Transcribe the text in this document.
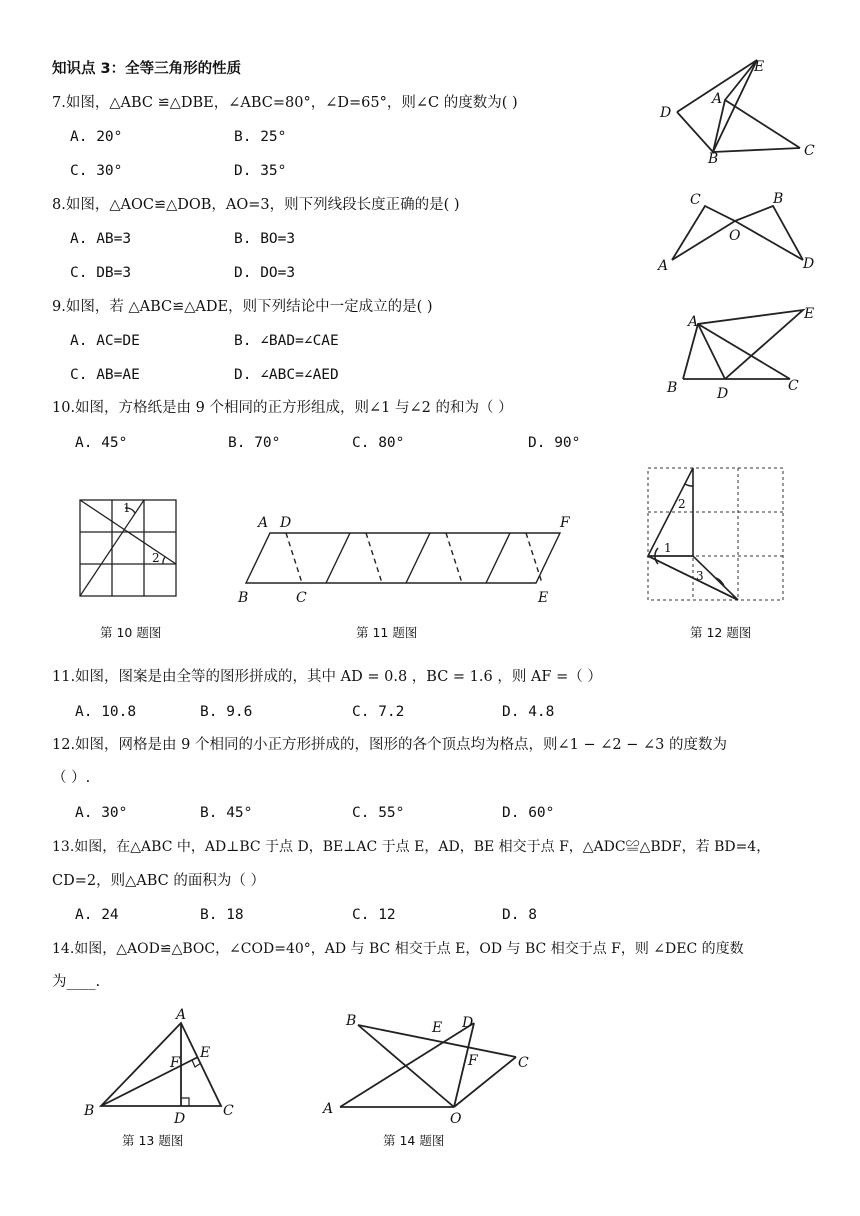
知识点 3：全等三角形的性质
7.如图，△ABC ≌△DBE，∠ABC=80°，∠D=65°，则∠C 的度数为( )
A. 20°	B. 25°
C. 30°	D. 35°
8.如图，△AOC≌△DOB，AO=3，则下列线段长度正确的是( )
A. AB=3	B. BO=3
C. DB=3	D. DO=3
9.如图，若 △ABC≌△ADE，则下列结论中一定成立的是( )
A. AC=DE	B. ∠BAD=∠CAE
C. AB=AE	D. ∠ABC=∠AED
10.如图，方格纸是由 9 个相同的正方形组成，则∠1 与∠2 的和为（ ）
A. 45°	B. 70°	C. 80°	D. 90°
11.如图，图案是由全等的图形拼成的，其中 AD = 0.8 ，BC = 1.6 ，则 AF =（ ）
A. 10.8	B. 9.6	C. 7.2	D. 4.8
12.如图，网格是由 9 个相同的小正方形拼成的，图形的各个顶点均为格点，则∠1 − ∠2 − ∠3 的度数为
（ ）.
A. 30°	B. 45°	C. 55°	D. 60°
13.如图，在△ABC 中，AD⊥BC 于点 D，BE⊥AC 于点 E，AD，BE 相交于点 F，△ADC≌△BDF，若 BD=4，
CD=2，则△ABC 的面积为（ ）
A. 24	B. 18	C. 12	D. 8
14.如图，△AOD≌△BOC，∠COD=40°，AD 与 BC 相交于点 E，OD 与 BC 相交于点 F，则 ∠DEC 的度数
为____.
A
B	C
D
E
A
B
C
D
O
A
B	C
D
E
1
2
第 10 题图
A D	F
B	C	E
第 11 题图
1
2
3
第 12 题图
A
B	C
D
E
F
第 13 题图
A
B
C
D
E
F
O
第 14 题图
